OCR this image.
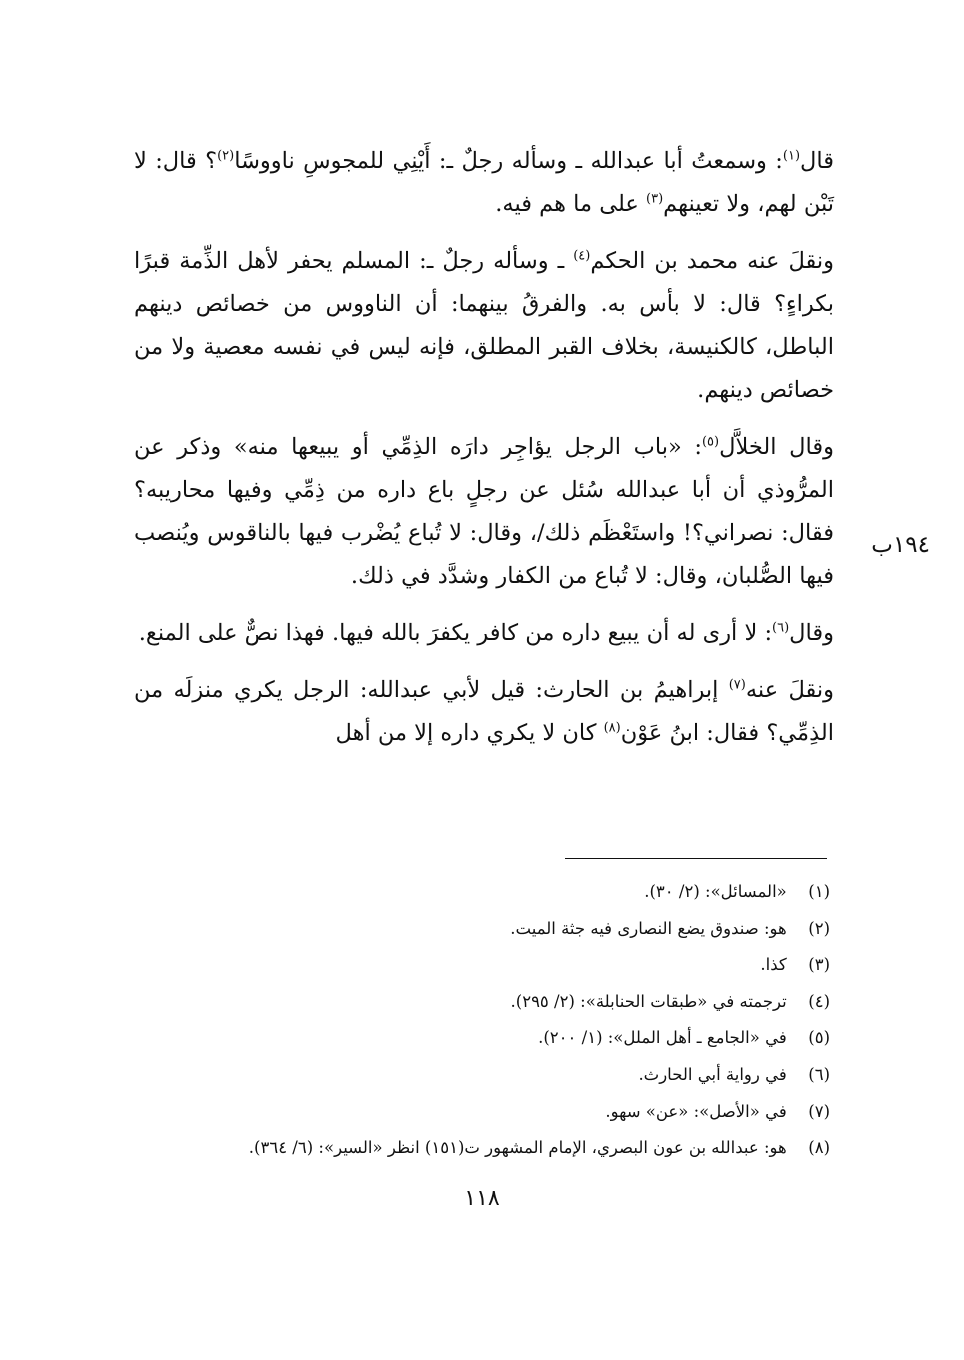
قال$^{(١)}$: وسمعتُ أبا عبدالله ـ وسأله رجلٌ ـ: أَيْنِي للمجوسِ ناووسًا$^{(٢)}$؟ قال: لا تَبْن لهم، ولا تعينهم$^{(٣)}$ على ما هم فيه.

ونقلَ عنه محمد بن الحكم$^{(٤)}$ ـ وسأله رجلٌ ـ: المسلم يحفر لأهل الذِّمة قبرًا بكراءٍ؟ قال: لا بأس به. والفرقُ بينهما: أن الناووس من خصائص دينهم الباطل، كالكنيسة، بخلاف القبر المطلق، فإنه ليس في نفسه معصية ولا من خصائص دينهم.

وقال الخلاَّل$^{(٥)}$: «باب الرجل يؤاجِر دارَه الذِمِّي أو يبيعها منه» وذكر عن المرُّوذي أن أبا عبدالله سُئل عن رجلٍ باع داره من ذِمِّي وفيها محاريبه؟ فقال: نصراني؟! واستَعْظَم ذلك/، وقال: لا تُباع يُضْرب فيها بالناقوس ويُنصب فيها الصُّلبان، وقال: لا تُباع من الكفار وشدَّد في ذلك.

وقال$^{(٦)}$: لا أرى له أن يبيع داره من كافر يكفرَ بالله فيها. فهذا نصٌّ على المنع.

ونقلَ عنه$^{(٧)}$ إبراهيمُ بن الحارث: قيل لأبي عبدالله: الرجل يكري منزلَه من الذِمِّي؟ فقال: ابنُ عَوْن$^{(٨)}$ كان لا يكري داره إلا من أهل

١٩٤ب
(١) «المسائل»: (٢/ ٣٠).
(٢) هو: صندوق يضع النصارى فيه جثة الميت.
(٣) كذا.
(٤) ترجمته في «طبقات الحنابلة»: (٢/ ٢٩٥).
(٥) في «الجامع ـ أهل الملل»: (١/ ٢٠٠).
(٦) في رواية أبي الحارث.
(٧) في «الأصل»: «عن» سهو.
(٨) هو: عبدالله بن عون البصري، الإمام المشهور ت(١٥١) انظر «السير»: (٦/ ٣٦٤).
١١٨
